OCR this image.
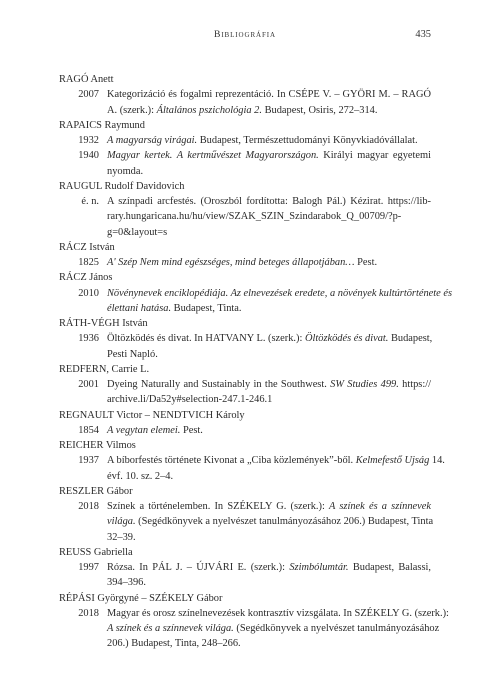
Bibliográfia	435
RAGÓ Anett
2007 Kategorizáció és fogalmi reprezentáció. In CSÉPE V. – GYÖRI M. – RAGÓ
A. (szerk.): Általános pszichológia 2. Budapest, Osiris, 272–314.
RAPAICS Raymund
1932 A magyarság virágai. Budapest, Természettudományi Könyvkiadóvállalat.
1940 Magyar kertek. A kertművészet Magyarországon. Királyi magyar egyetemi
nyomda.
RAUGUL Rudolf Davidovich
é. n. A színpadi arcfestés. (Oroszból fordította: Balogh Pál.) Kézirat. https://lib-
rary.hungaricana.hu/hu/view/SZAK_SZIN_Szindarabok_Q_00709/?p-
g=0&layout=s
RÁCZ István
1825 A' Szép Nem mind egészséges, mind beteges állapotjában… Pest.
RÁCZ János
2010 Növénynevek enciklopédiája. Az elnevezések eredete, a növények kultúrtörténete és
élettani hatása. Budapest, Tinta.
RÁTH-VÉGH István
1936 Öltözködés és divat. In HATVANY L. (szerk.): Öltözködés és divat. Budapest,
Pesti Napló.
REDFERN, Carrie L.
2001 Dyeing Naturally and Sustainably in the Southwest. SW Studies 499. https://
archive.li/Da52y#selection-247.1-246.1
REGNAULT Victor – NENDTVICH Károly
1854 A vegytan elemei. Pest.
REICHER Vilmos
1937 A bíborfestés története Kivonat a „Ciba közlemények”-ből. Kelmefestő Ujság 14.
évf. 10. sz. 2–4.
RESZLER Gábor
2018 Színek a történelemben. In SZÉKELY G. (szerk.): A színek és a színnevek
világa. (Segédkönyvek a nyelvészet tanulmányozásához 206.) Budapest, Tinta
32–39.
REUSS Gabriella
1997 Rózsa. In PÁL J. – ÚJVÁRI E. (szerk.): Szimbólumtár. Budapest, Balassi,
394–396.
RÉPÁSI Györgyné – SZÉKELY Gábor
2018 Magyar és orosz színelnevezések kontrasztív vizsgálata. In SZÉKELY G. (szerk.):
A színek és a színnevek világa. (Segédkönyvek a nyelvészet tanulmányozásához
206.) Budapest, Tinta, 248–266.
